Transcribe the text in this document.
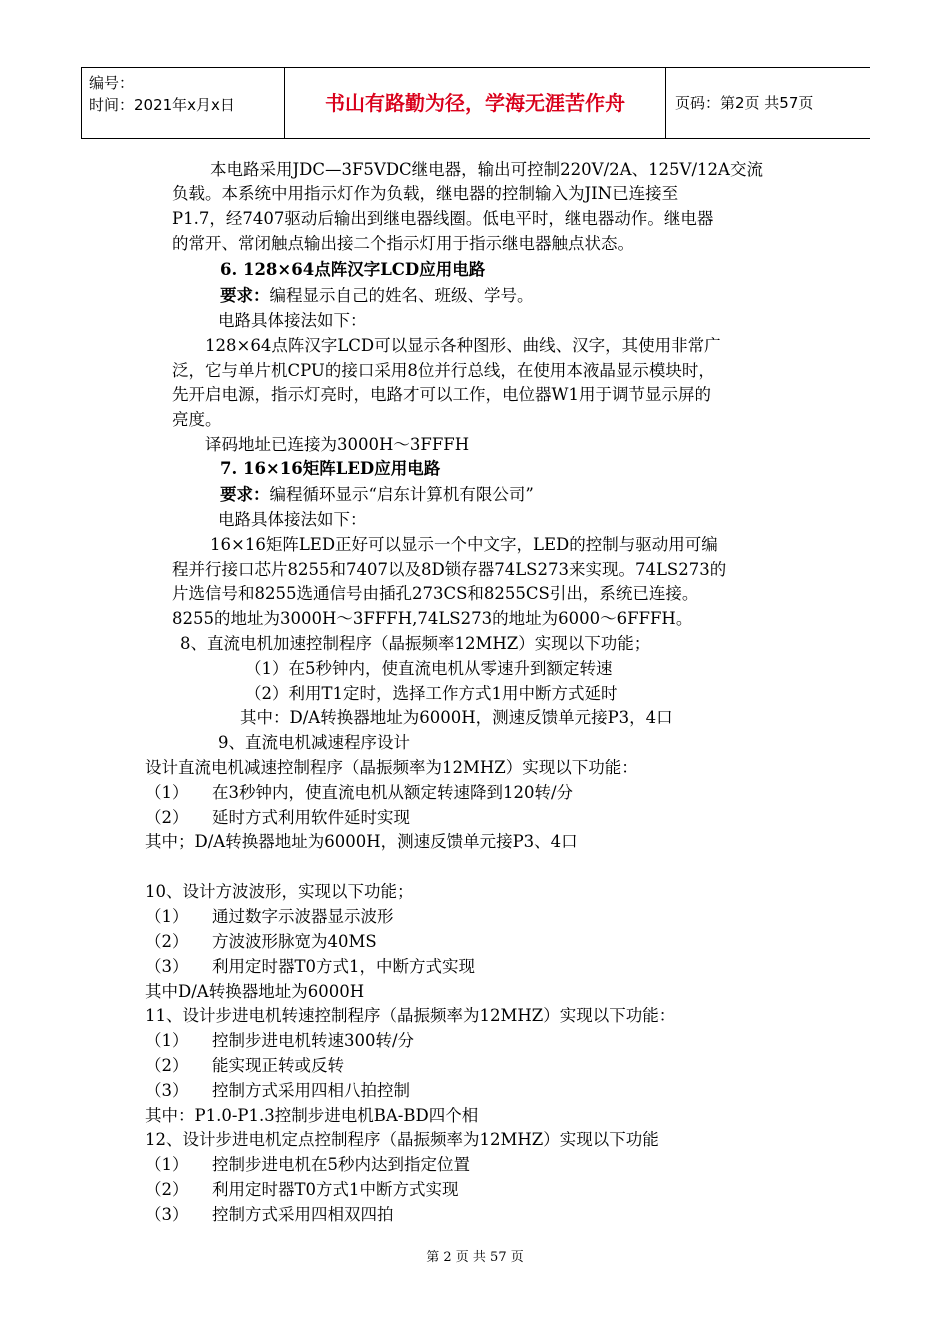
编号：
时间：2021年x月x日	书山有路勤为径，学海无涯苦作舟	页码：第2页 共57页
本电路采用JDC—3F5VDC继电器，输出可控制220V/2A、125V/12A交流
负载。本系统中用指示灯作为负载，继电器的控制输入为JIN已连接至
P1.7，经7407驱动后输出到继电器线圈。低电平时，继电器动作。继电器
的常开、常闭触点输出接二个指示灯用于指示继电器触点状态。
6. 128×64点阵汉字LCD应用电路
要求：编程显示自己的姓名、班级、学号。
电路具体接法如下：
128×64点阵汉字LCD可以显示各种图形、曲线、汉字，其使用非常广
泛，它与单片机CPU的接口采用8位并行总线，在使用本液晶显示模块时，
先开启电源，指示灯亮时，电路才可以工作，电位器W1用于调节显示屏的
亮度。
译码地址已连接为3000H～3FFFH
7. 16×16矩阵LED应用电路
要求：编程循环显示“启东计算机有限公司”
电路具体接法如下：
16×16矩阵LED正好可以显示一个中文字，LED的控制与驱动用可编
程并行接口芯片8255和7407以及8D锁存器74LS273来实现。74LS273的
片选信号和8255选通信号由插孔273CS和8255CS引出，系统已连接。
8255的地址为3000H～3FFFH,74LS273的地址为6000～6FFFH。
8、直流电机加速控制程序（晶振频率12MHZ）实现以下功能；
（1）在5秒钟内，使直流电机从零速升到额定转速
（2）利用T1定时，选择工作方式1用中断方式延时
其中：D/A转换器地址为6000H，测速反馈单元接P3，4口
9、直流电机减速程序设计
设计直流电机减速控制程序（晶振频率为12MHZ）实现以下功能：
（1） 在3秒钟内，使直流电机从额定转速降到120转/分
（2） 延时方式利用软件延时实现
其中；D/A转换器地址为6000H，测速反馈单元接P3、4口
10、设计方波波形，实现以下功能；
（1） 通过数字示波器显示波形
（2） 方波波形脉宽为40MS
（3） 利用定时器T0方式1，中断方式实现
其中D/A转换器地址为6000H
11、设计步进电机转速控制程序（晶振频率为12MHZ）实现以下功能：
（1） 控制步进电机转速300转/分
（2） 能实现正转或反转
（3） 控制方式采用四相八拍控制
其中：P1.0-P1.3控制步进电机BA-BD四个相
12、设计步进电机定点控制程序（晶振频率为12MHZ）实现以下功能
（1） 控制步进电机在5秒内达到指定位置
（2） 利用定时器T0方式1中断方式实现
（3） 控制方式采用四相双四拍
第 2 页 共 57 页
